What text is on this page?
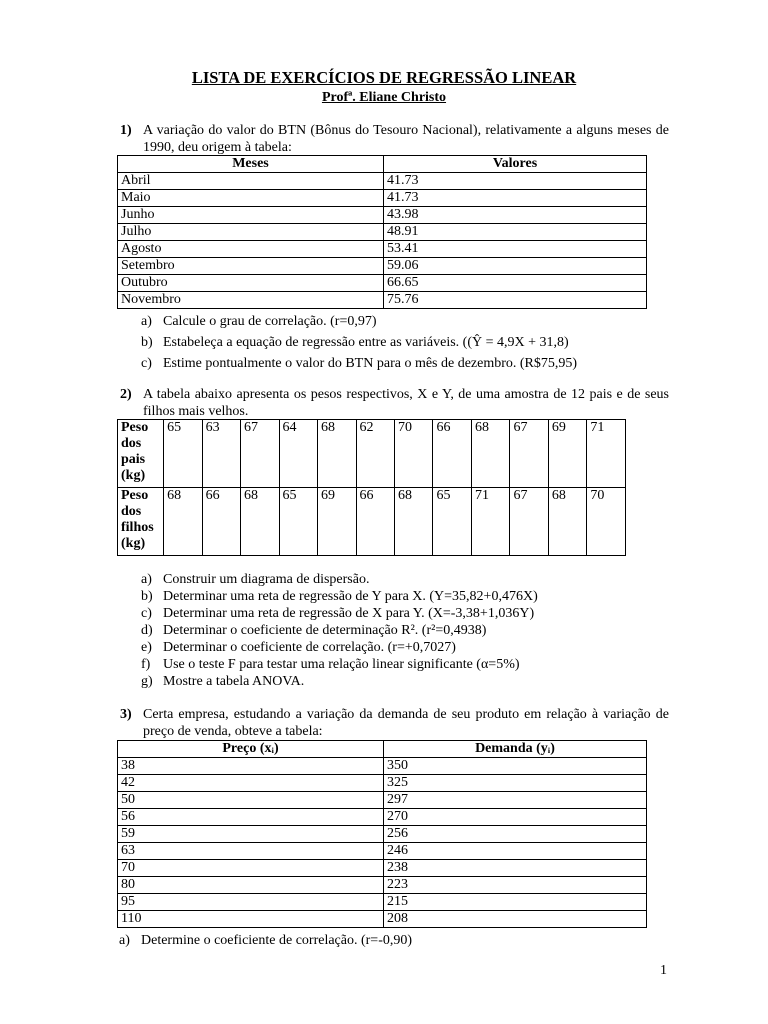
LISTA DE EXERCÍCIOS DE REGRESSÃO LINEAR
Profª. Eliane Christo
1) A variação do valor do BTN (Bônus do Tesouro Nacional), relativamente a alguns meses de 1990, deu origem à tabela:
Meses	Valores
Abril	41.73
Maio	41.73
Junho	43.98
Julho	48.91
Agosto	53.41
Setembro	59.06
Outubro	66.65
Novembro	75.76
a) Calcule o grau de correlação. (r=0,97)
b) Estabeleça a equação de regressão entre as variáveis. ((Ŷ = 4,9X + 31,8)
c) Estime pontualmente o valor do BTN para o mês de dezembro. (R$75,95)
2) A tabela abaixo apresenta os pesos respectivos, X e Y, de uma amostra de 12 pais e de seus filhos mais velhos.
Peso dos pais (kg)	65	63	67	64	68	62	70	66	68	67	69	71
Peso dos filhos (kg)	68	66	68	65	69	66	68	65	71	67	68	70
a) Construir um diagrama de dispersão.
b) Determinar uma reta de regressão de Y para X. (Y=35,82+0,476X)
c) Determinar uma reta de regressão de X para Y. (X=-3,38+1,036Y)
d) Determinar o coeficiente de determinação R². (r²=0,4938)
e) Determinar o coeficiente de correlação. (r=+0,7027)
f) Use o teste F para testar uma relação linear significante (α=5%)
g) Mostre a tabela ANOVA.
3) Certa empresa, estudando a variação da demanda de seu produto em relação à variação de preço de venda, obteve a tabela:
Preço (xᵢ)	Demanda (yᵢ)
38	350
42	325
50	297
56	270
59	256
63	246
70	238
80	223
95	215
110	208
a) Determine o coeficiente de correlação. (r=-0,90)
1
